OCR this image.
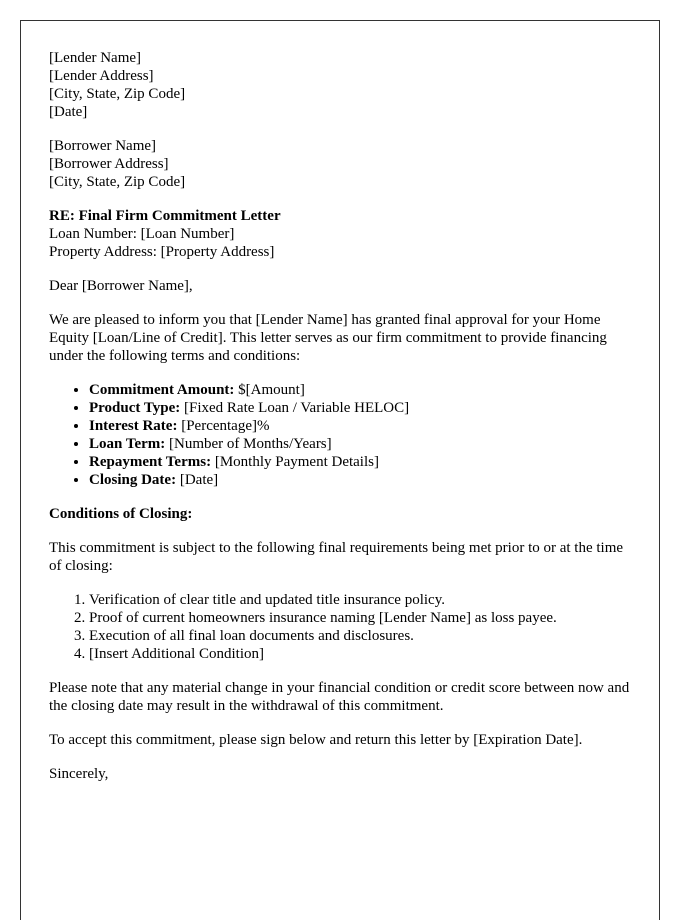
[Lender Name]
[Lender Address]
[City, State, Zip Code]
[Date]
[Borrower Name]
[Borrower Address]
[City, State, Zip Code]
RE: Final Firm Commitment Letter
Loan Number: [Loan Number]
Property Address: [Property Address]

Dear [Borrower Name],

We are pleased to inform you that [Lender Name] has granted final approval for your Home Equity [Loan/Line of Credit]. This letter serves as our firm commitment to provide financing under the following terms and conditions:

• Commitment Amount: $[Amount]
• Product Type: [Fixed Rate Loan / Variable HELOC]
• Interest Rate: [Percentage]%
• Loan Term: [Number of Months/Years]
• Repayment Terms: [Monthly Payment Details]
• Closing Date: [Date]

Conditions of Closing:

This commitment is subject to the following final requirements being met prior to or at the time of closing:

1. Verification of clear title and updated title insurance policy.
2. Proof of current homeowners insurance naming [Lender Name] as loss payee.
3. Execution of all final loan documents and disclosures.
4. [Insert Additional Condition]

Please note that any material change in your financial condition or credit score between now and the closing date may result in the withdrawal of this commitment.

To accept this commitment, please sign below and return this letter by [Expiration Date].

Sincerely,
